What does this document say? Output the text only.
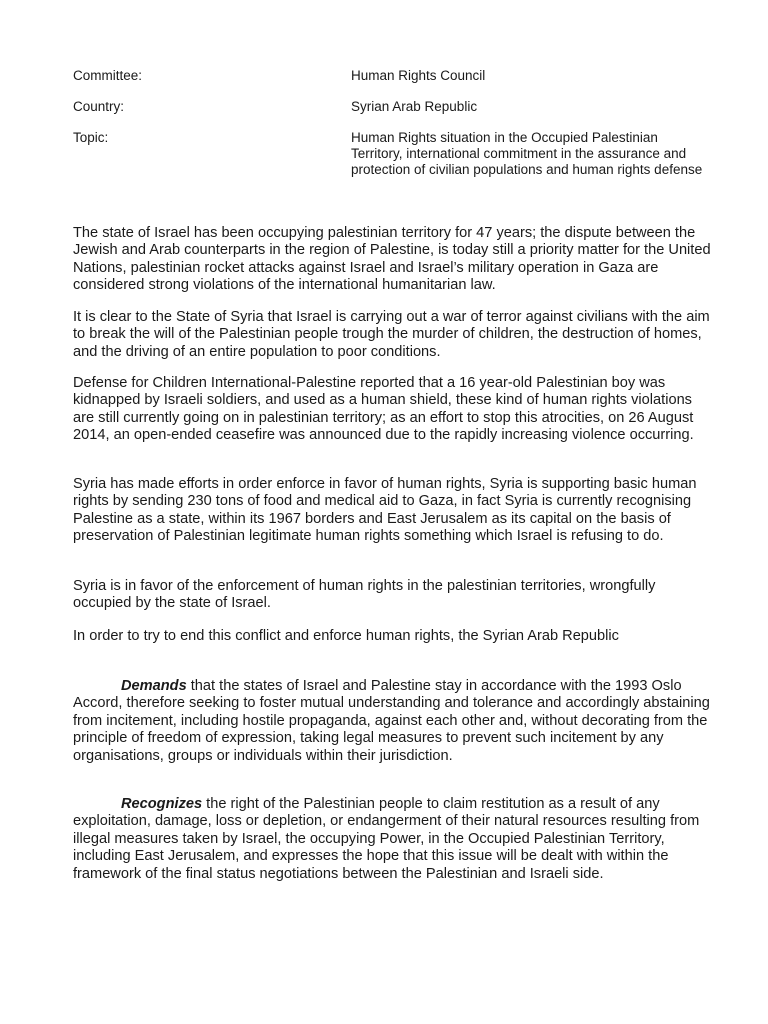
Committee:	Human Rights Council
Country:	Syrian Arab Republic
Topic:	Human Rights situation in the Occupied Palestinian Territory, international commitment in the assurance and protection of civilian populations and human rights defense

The state of Israel has been occupying palestinian territory for 47 years; the dispute between the Jewish and Arab counterparts in the region of Palestine, is today still a priority matter for the United Nations, palestinian rocket attacks against Israel and Israel’s military operation in Gaza are considered strong violations of the international humanitarian law.

It is clear to the State of Syria that Israel is carrying out a war of terror against civilians with the aim to break the will of the Palestinian people trough the murder of children, the destruction of homes, and the driving of an entire population to poor conditions.

Defense for Children International-Palestine reported that a 16 year-old Palestinian boy was kidnapped by Israeli soldiers, and used as a human shield, these kind of human rights violations are still currently going on in palestinian territory; as an effort to stop this atrocities, on 26 August 2014, an open-ended ceasefire was announced due to the rapidly increasing violence occurring.

Syria has made efforts in order enforce in favor of human rights, Syria is supporting basic human rights by sending 230 tons of food and medical aid to Gaza, in fact Syria is currently recognising Palestine as a state, within its 1967 borders and East Jerusalem as its capital on the basis of preservation of Palestinian legitimate human rights something which Israel is refusing to do.

Syria is in favor of the enforcement of human rights in the palestinian territories, wrongfully occupied by the state of Israel.

In order to try to end this conflict and enforce human rights, the Syrian Arab Republic

Demands that the states of Israel and Palestine stay in accordance with the 1993 Oslo Accord, therefore seeking to foster mutual understanding and tolerance and accordingly abstaining from incitement, including hostile propaganda, against each other and, without decorating from the principle of freedom of expression, taking legal measures to prevent such incitement by any organisations, groups or individuals within their jurisdiction.

Recognizes the right of the Palestinian people to claim restitution as a result of any exploitation, damage, loss or depletion, or endangerment of their natural resources resulting from illegal measures taken by Israel, the occupying Power, in the Occupied Palestinian Territory, including East Jerusalem, and expresses the hope that this issue will be dealt with within the framework of the final status negotiations between the Palestinian and Israeli side.
